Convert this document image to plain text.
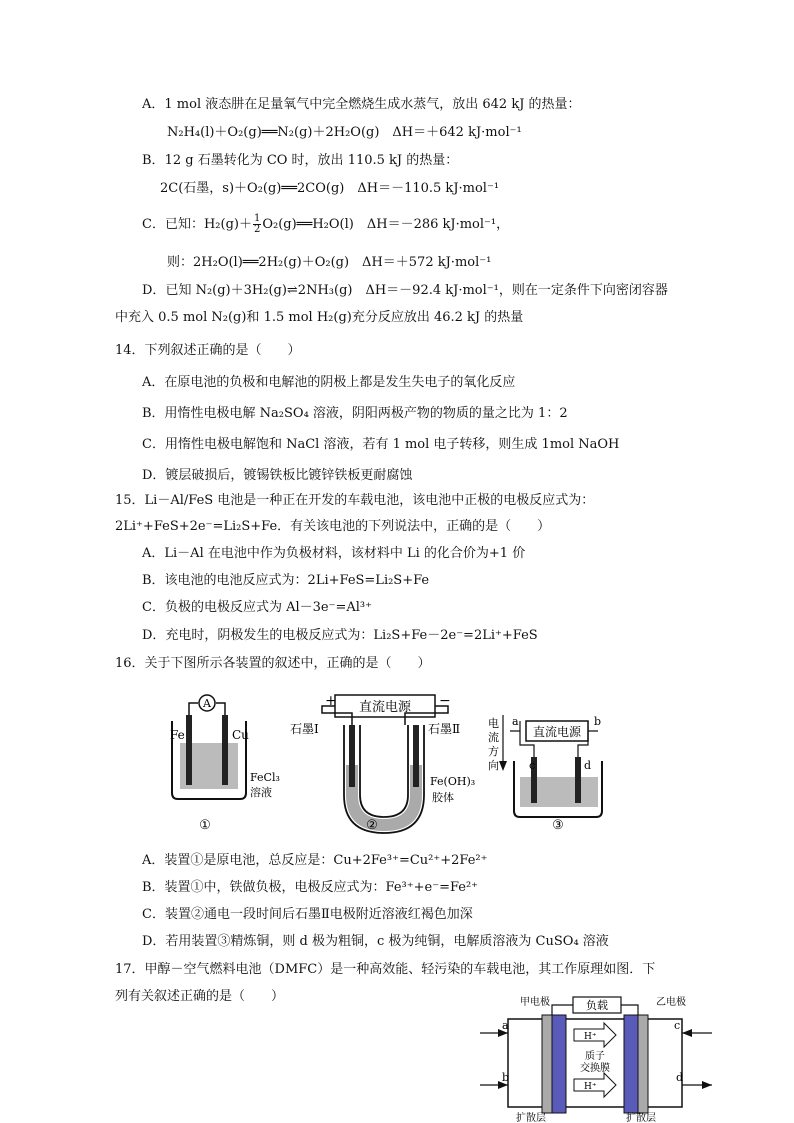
A．1 mol 液态肼在足量氧气中完全燃烧生成水蒸气，放出 642 kJ 的热量：
N₂H₄(l)＋O₂(g)══N₂(g)＋2H₂O(g)　ΔH＝＋642 kJ·mol⁻¹
B．12 g 石墨转化为 CO 时，放出 110.5 kJ 的热量：
2C(石墨，s)＋O₂(g)══2CO(g)　ΔH＝－110.5 kJ·mol⁻¹
C．已知：$H_2(g)+ \frac{1}{2}$ O₂(g)══H₂O(l)　ΔH＝－286 kJ·mol⁻¹，
则：2H₂O(l)══2H₂(g)＋O₂(g)　ΔH＝＋572 kJ·mol⁻¹
D．已知 N₂(g)＋3H₂(g)⇌2NH₃(g)　ΔH＝－92.4 kJ·mol⁻¹，则在一定条件下向密闭容器
中充入 0.5 mol N₂(g)和 1.5 mol H₂(g)充分反应放出 46.2 kJ 的热量
14．下列叙述正确的是（　　）
A．在原电池的负极和电解池的阴极上都是发生失电子的氧化反应
B．用惰性电极电解 Na₂SO₄ 溶液，阴阳两极产物的物质的量之比为 1：2
C．用惰性电极电解饱和 NaCl 溶液，若有 1 mol 电子转移，则生成 1mol NaOH
D．镀层破损后，镀锡铁板比镀锌铁板更耐腐蚀
15．Li－Al/FeS 电池是一种正在开发的车载电池，该电池中正极的电极反应式为：
2Li⁺+FeS+2e⁻=Li₂S+Fe．有关该电池的下列说法中，正确的是（　　）
A．Li－Al 在电池中作为负极材料，该材料中 Li 的化合价为+1 价
B．该电池的电池反应式为：2Li+FeS=Li₂S+Fe
C．负极的电极反应式为 Al－3e⁻=Al³⁺
D．充电时，阴极发生的电极反应式为：Li₂S+Fe－2e⁻=2Li⁺+FeS
16．关于下图所示各装置的叙述中，正确的是（　　）
A
Fe	Cu
FeCl₃
溶液
①
直流电源
+	−
石墨Ⅰ	石墨Ⅱ
Fe(OH)₃
胶体
②
电
流
方
向
直流电源
a	b
c	d
③
A．装置①是原电池，总反应是：Cu+2Fe³⁺=Cu²⁺+2Fe²⁺
B．装置①中，铁做负极，电极反应式为：Fe³⁺+e⁻=Fe²⁺
C．装置②通电一段时间后石墨Ⅱ电极附近溶液红褐色加深
D．若用装置③精炼铜，则 d 极为粗铜，c 极为纯铜，电解质溶液为 CuSO₄ 溶液
17．甲醇－空气燃料电池（DMFC）是一种高效能、轻污染的车载电池，其工作原理如图．下
列有关叙述正确的是（　　）
负载
甲电极	乙电极
H⁺
H⁺
质子
交换膜
a
b
c
d
扩散层	扩散层
